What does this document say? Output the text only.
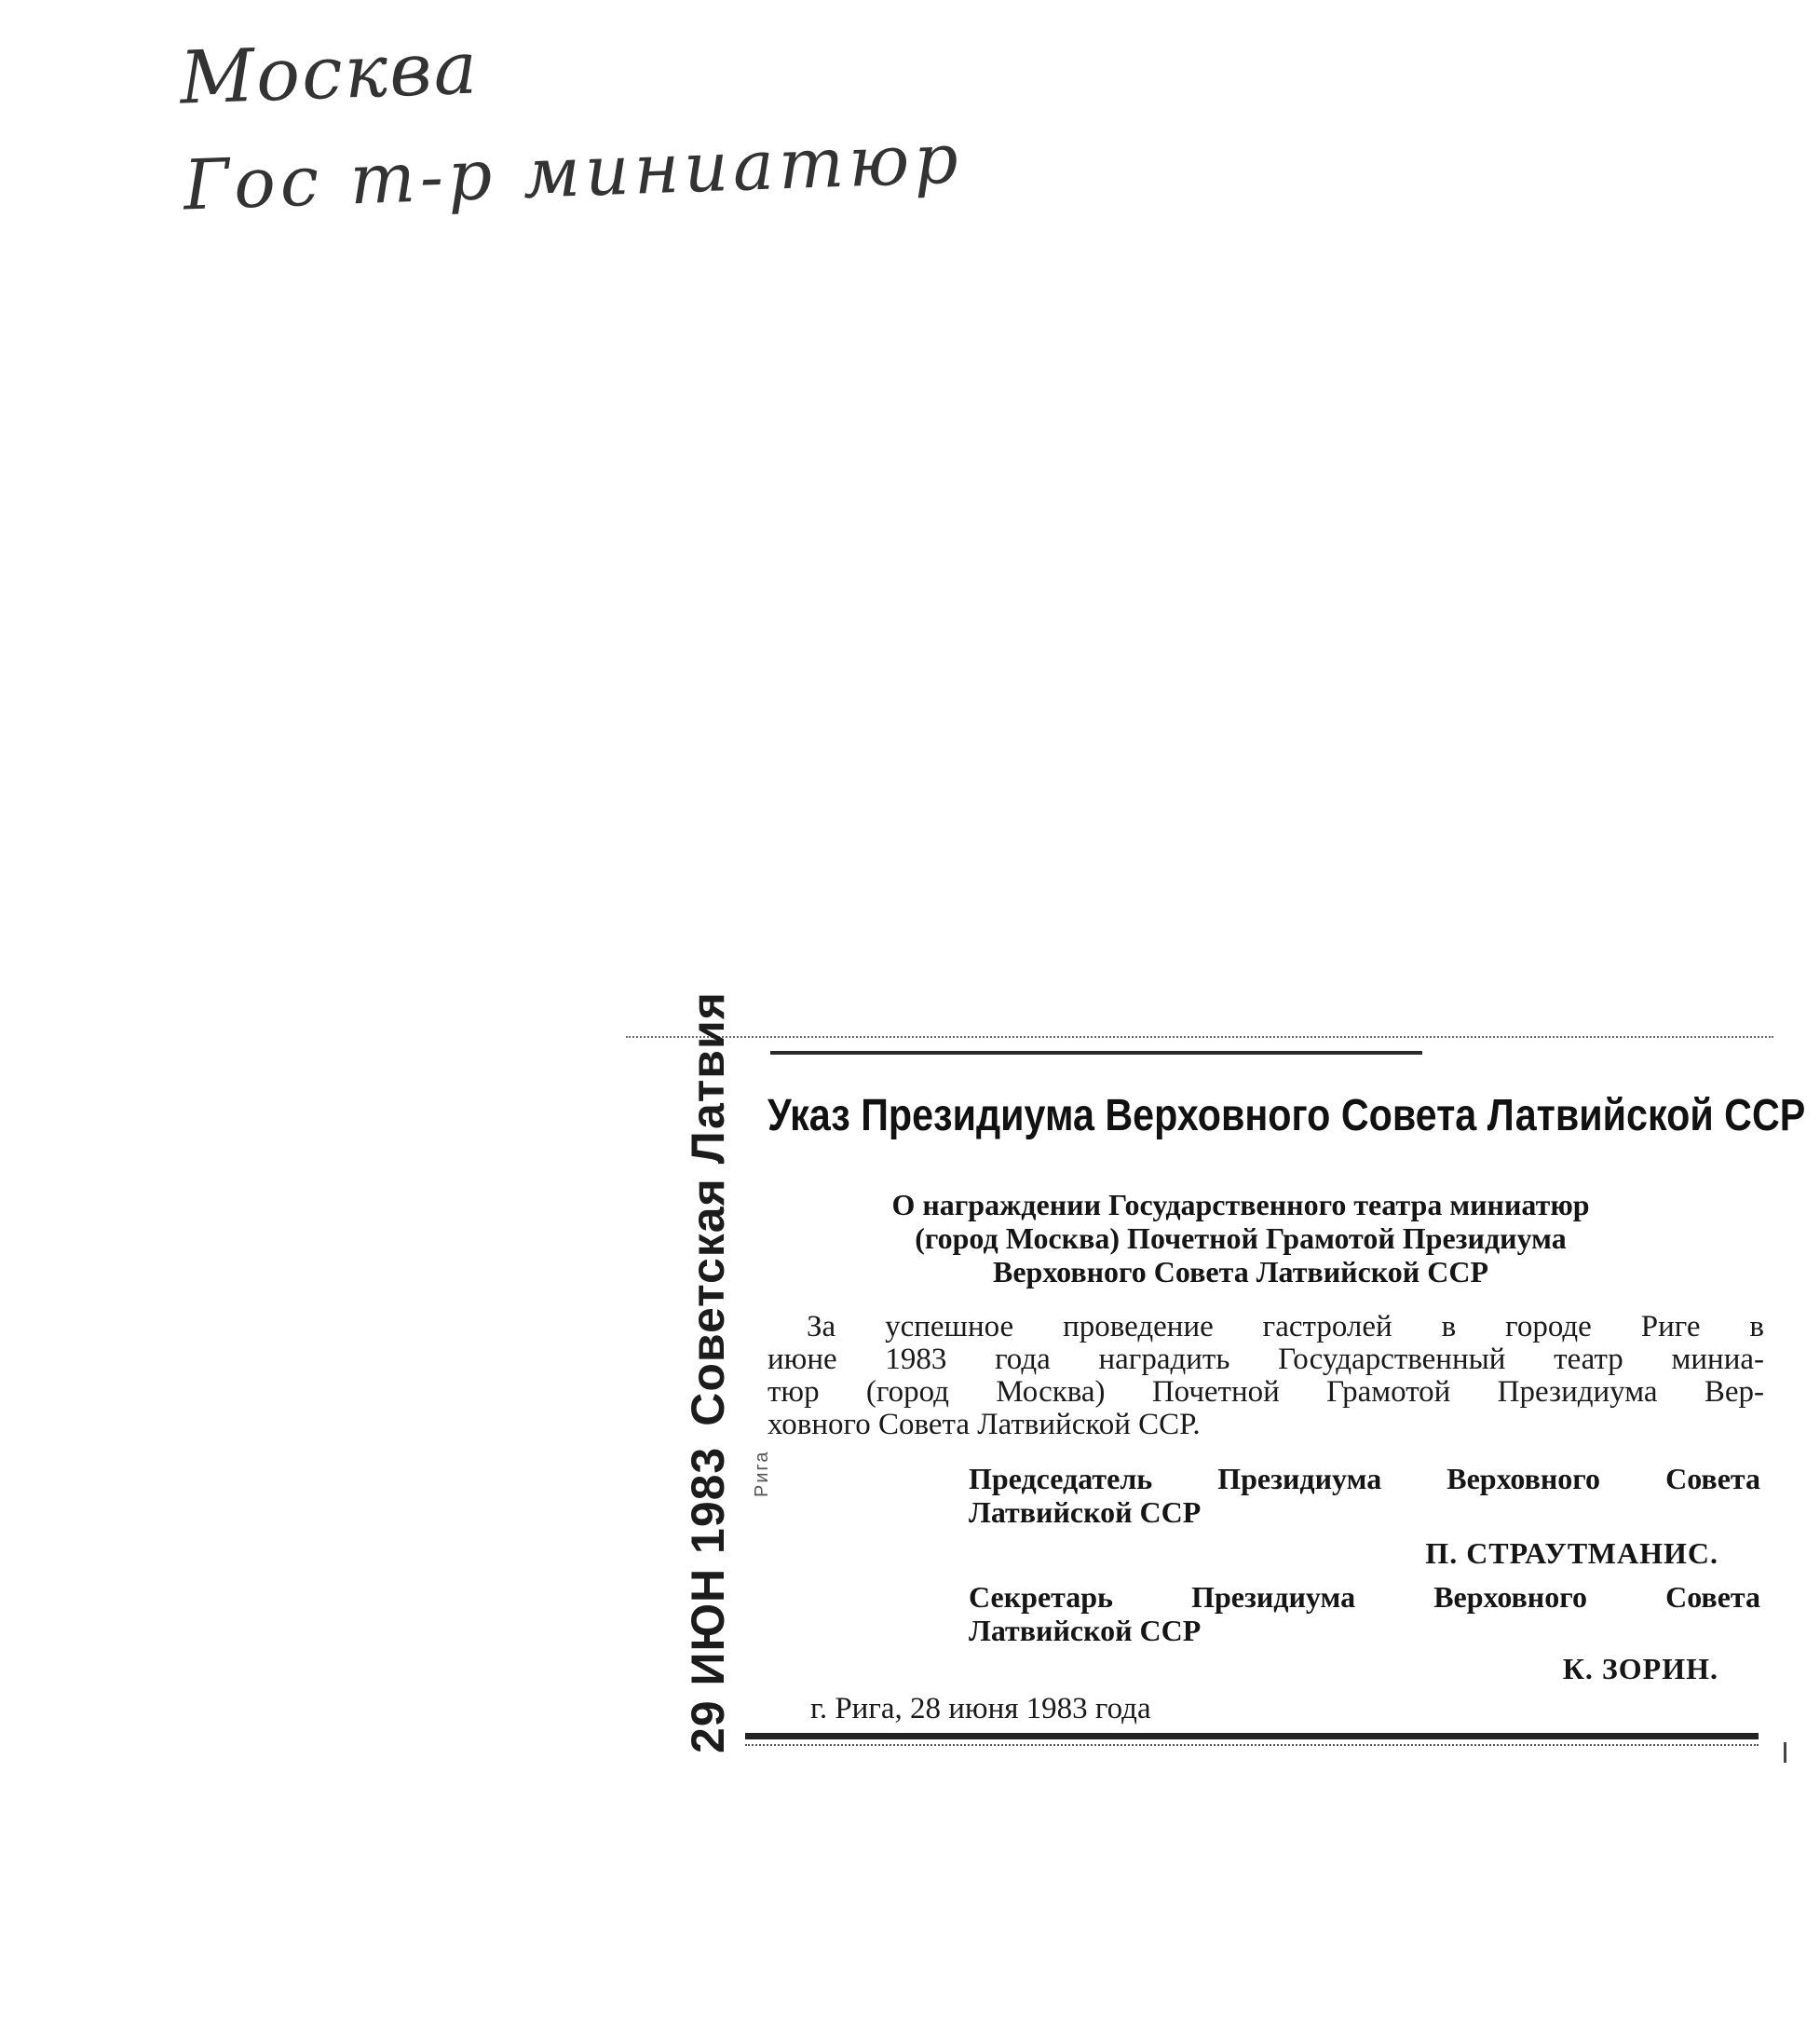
Москва
Гос т-р миниатюр
29 ИЮН 1983Советская Латвия
Рига
Указ Президиума Верховного Совета Латвийской ССР
О награждении Государственного театра миниатюр
(город Москва) Почетной Грамотой Президиума
Верховного Совета Латвийской ССР
За успешное проведение гастролей в городе Риге в
июне 1983 года наградить Государственный театр миниа-
тюр (город Москва) Почетной Грамотой Президиума Вер-
ховного Совета Латвийской ССР.
Председатель Президиума Верховного Совета
Латвийской ССР
П. СТРАУТМАНИС.
Секретарь Президиума Верховного Совета
Латвийской ССР
К. ЗОРИН.
г. Рига, 28 июня 1983 года
